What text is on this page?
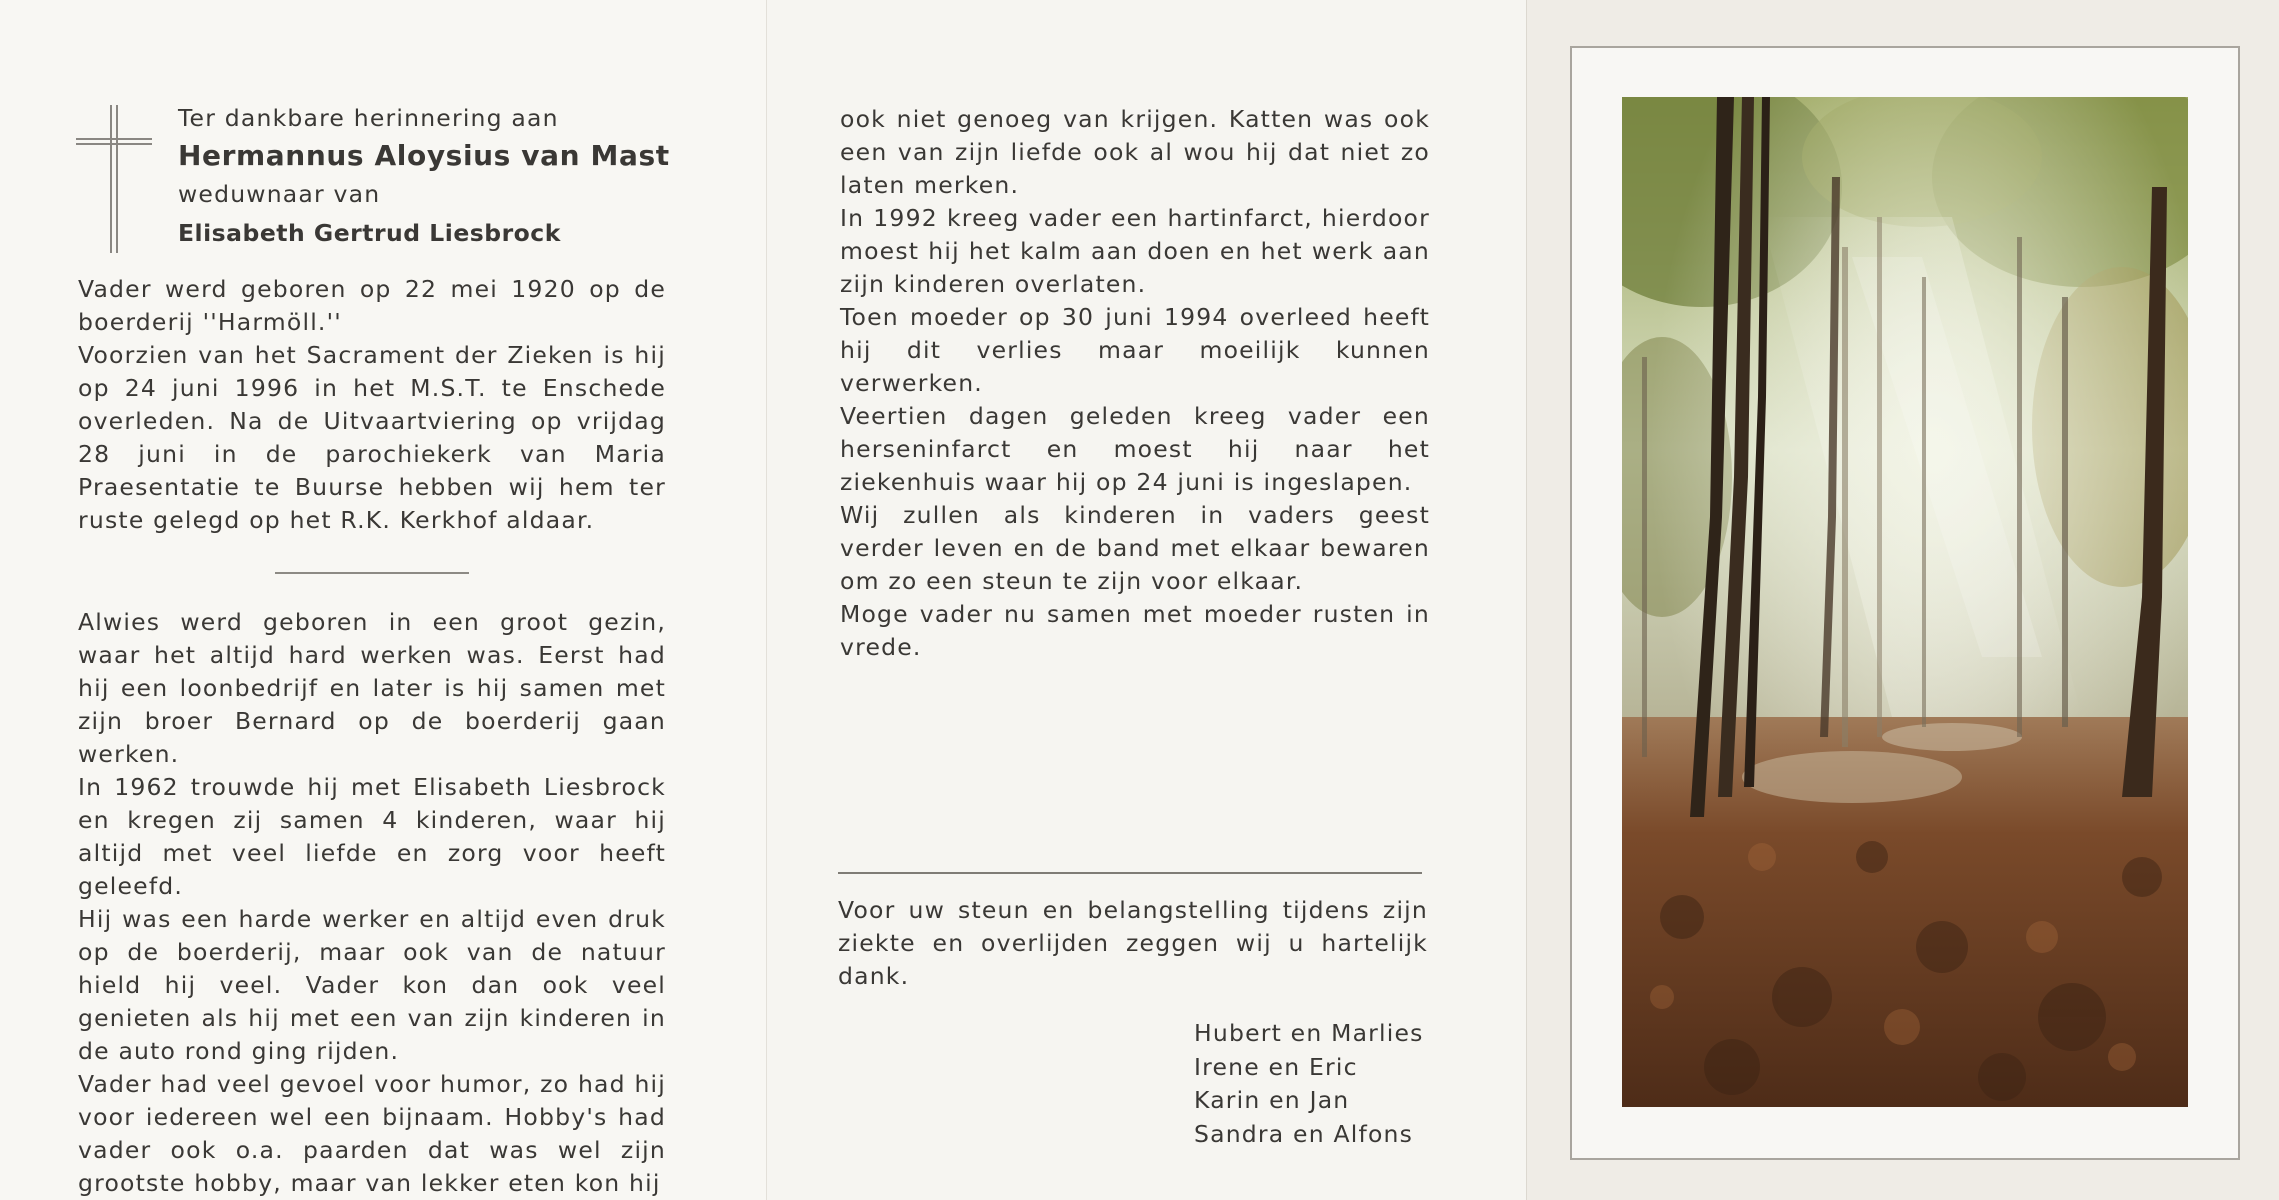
Ter dankbare herinnering aan
Hermannus Aloysius van Mast
weduwnaar van
Elisabeth Gertrud Liesbrock

Vader werd geboren op 22 mei 1920 op de boerderij ''Harmöll.''

Voorzien van het Sacrament der Zieken is hij op 24 juni 1996 in het M.S.T. te Enschede overleden. Na de Uitvaartviering op vrijdag 28 juni in de parochiekerk van Maria Praesentatie te Buurse hebben wij hem ter ruste gelegd op het R.K. Kerkhof aldaar.

Alwies werd geboren in een groot gezin, waar het altijd hard werken was. Eerst had hij een loonbedrijf en later is hij samen met zijn broer Bernard op de boerderij gaan werken.

In 1962 trouwde hij met Elisabeth Liesbrock en kregen zij samen 4 kinderen, waar hij altijd met veel liefde en zorg voor heeft geleefd.

Hij was een harde werker en altijd even druk op de boerderij, maar ook van de natuur hield hij veel. Vader kon dan ook veel genieten als hij met een van zijn kinderen in de auto rond ging rijden.

Vader had veel gevoel voor humor, zo had hij voor iedereen wel een bijnaam. Hobby's had vader ook o.a. paarden dat was wel zijn grootste hobby, maar van lekker eten kon hij

ook niet genoeg van krijgen. Katten was ook een van zijn liefde ook al wou hij dat niet zo laten merken.

In 1992 kreeg vader een hartinfarct, hierdoor moest hij het kalm aan doen en het werk aan zijn kinderen overlaten.

Toen moeder op 30 juni 1994 overleed heeft hij dit verlies maar moeilijk kunnen verwerken.

Veertien dagen geleden kreeg vader een herseninfarct en moest hij naar het ziekenhuis waar hij op 24 juni is ingeslapen.

Wij zullen als kinderen in vaders geest verder leven en de band met elkaar bewaren om zo een steun te zijn voor elkaar.

Moge vader nu samen met moeder rusten in vrede.

Voor uw steun en belangstelling tijdens zijn ziekte en overlijden zeggen wij u hartelijk dank.

Hubert en Marlies
Irene en Eric
Karin en Jan
Sandra en Alfons
